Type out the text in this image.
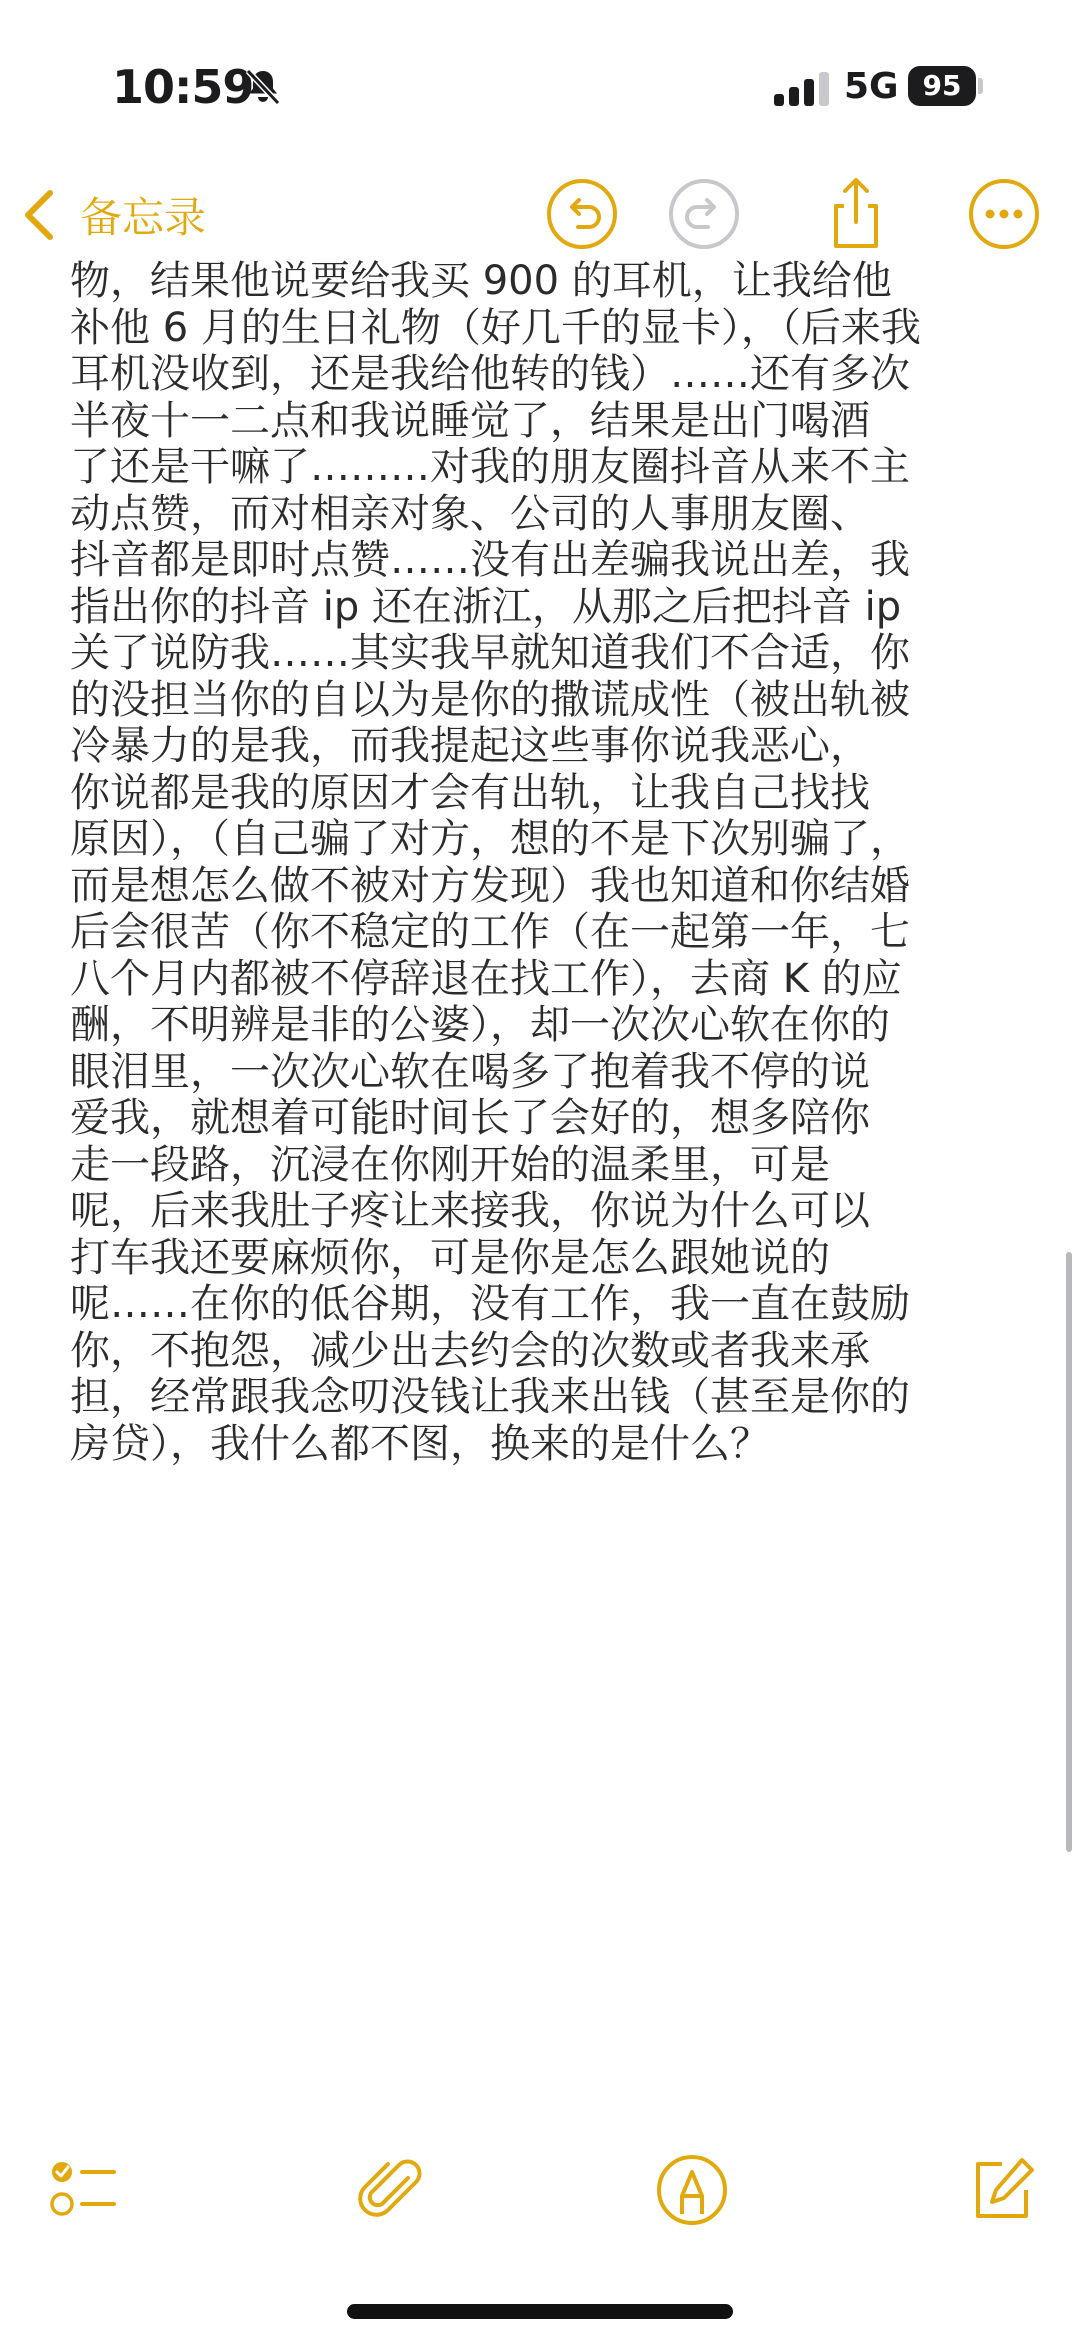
10:59	5G 95
备忘录

物，结果他说要给我买 900 的耳机，让我给他

补他 6 月的生日礼物（好几千的显卡），（后来我

耳机没收到，还是我给他转的钱）……还有多次

半夜十一二点和我说睡觉了，结果是出门喝酒

了还是干嘛了………对我的朋友圈抖音从来不主

动点赞，而对相亲对象、公司的人事朋友圈、

抖音都是即时点赞……没有出差骗我说出差，我

指出你的抖音 ip 还在浙江，从那之后把抖音 ip

关了说防我……其实我早就知道我们不合适，你

的没担当你的自以为是你的撒谎成性（被出轨被

冷暴力的是我，而我提起这些事你说我恶心，

你说都是我的原因才会有出轨，让我自己找找

原因），（自己骗了对方，想的不是下次别骗了，

而是想怎么做不被对方发现）我也知道和你结婚

后会很苦（你不稳定的工作（在一起第一年，七

八个月内都被不停辞退在找工作），去商 K 的应

酬，不明辨是非的公婆），却一次次心软在你的

眼泪里，一次次心软在喝多了抱着我不停的说

爱我，就想着可能时间长了会好的，想多陪你

走一段路，沉浸在你刚开始的温柔里，可是

呢，后来我肚子疼让来接我，你说为什么可以

打车我还要麻烦你，可是你是怎么跟她说的

呢……在你的低谷期，没有工作，我一直在鼓励

你，不抱怨，减少出去约会的次数或者我来承

担，经常跟我念叨没钱让我来出钱（甚至是你的

房贷），我什么都不图，换来的是什么？
